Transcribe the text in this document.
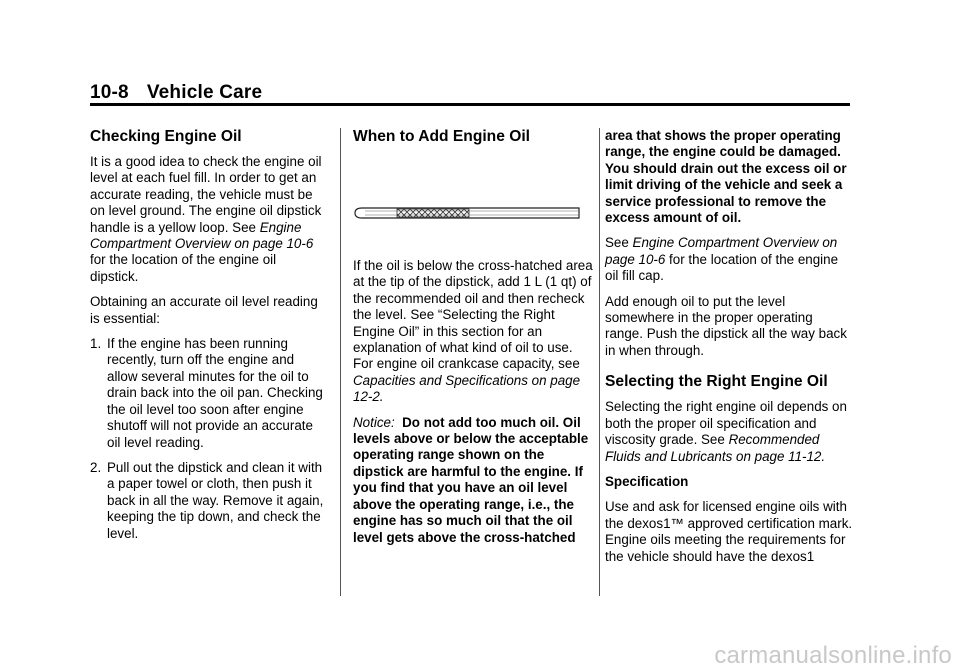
10-8 Vehicle Care
Checking Engine Oil

It is a good idea to check the engine oil level at each fuel fill. In order to get an accurate reading, the vehicle must be on level ground. The engine oil dipstick handle is a yellow loop. See Engine Compartment Overview on page 10-6 for the location of the engine oil dipstick.

Obtaining an accurate oil level reading is essential:

1. If the engine has been running recently, turn off the engine and allow several minutes for the oil to drain back into the oil pan. Checking the oil level too soon after engine shutoff will not provide an accurate oil level reading.
2. Pull out the dipstick and clean it with a paper towel or cloth, then push it back in all the way. Remove it again, keeping the tip down, and check the level.
When to Add Engine Oil

If the oil is below the cross-hatched area at the tip of the dipstick, add 1 L (1 qt) of the recommended oil and then recheck the level. See “Selecting the Right Engine Oil” in this section for an explanation of what kind of oil to use. For engine oil crankcase capacity, see Capacities and Specifications on page 12-2.

Notice: Do not add too much oil. Oil levels above or below the acceptable operating range shown on the dipstick are harmful to the engine. If you find that you have an oil level above the operating range, i.e., the engine has so much oil that the oil level gets above the cross-hatched

area that shows the proper operating range, the engine could be damaged. You should drain out the excess oil or limit driving of the vehicle and seek a service professional to remove the excess amount of oil.

See Engine Compartment Overview on page 10-6 for the location of the engine oil fill cap.

Add enough oil to put the level somewhere in the proper operating range. Push the dipstick all the way back in when through.

Selecting the Right Engine Oil

Selecting the right engine oil depends on both the proper oil specification and viscosity grade. See Recommended Fluids and Lubricants on page 11-12.

Specification

Use and ask for licensed engine oils with the dexos1™ approved certification mark. Engine oils meeting the requirements for the vehicle should have the dexos1

carmanualsonline.info
